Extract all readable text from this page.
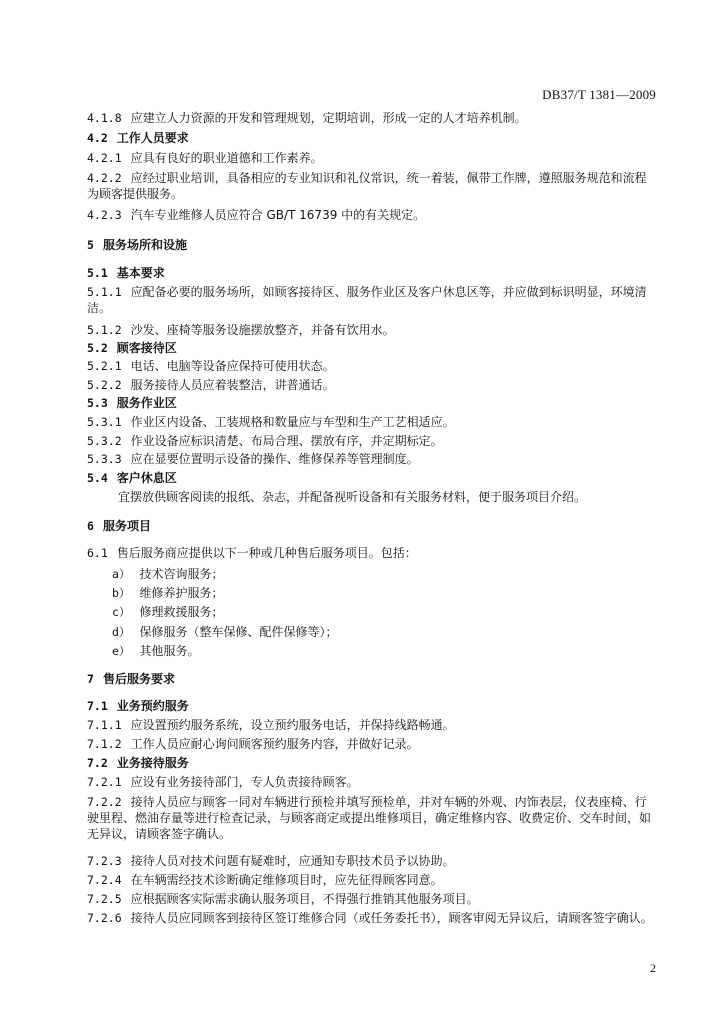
DB37/T 1381—2009
4.1.8 应建立人力资源的开发和管理规划，定期培训，形成一定的人才培养机制。
4.2 工作人员要求
4.2.1 应具有良好的职业道德和工作素养。
4.2.2 应经过职业培训，具备相应的专业知识和礼仪常识，统一着装，佩带工作牌，遵照服务规范和流程为顾客提供服务。
4.2.3 汽车专业维修人员应符合 GB/T 16739 中的有关规定。
5 服务场所和设施
5.1 基本要求
5.1.1 应配备必要的服务场所，如顾客接待区、服务作业区及客户休息区等，并应做到标识明显，环境清洁。
5.1.2 沙发、座椅等服务设施摆放整齐，并备有饮用水。
5.2 顾客接待区
5.2.1 电话、电脑等设备应保持可使用状态。
5.2.2 服务接待人员应着装整洁，讲普通话。
5.3 服务作业区
5.3.1 作业区内设备、工装规格和数量应与车型和生产工艺相适应。
5.3.2 作业设备应标识清楚、布局合理、摆放有序，并定期标定。
5.3.3 应在显要位置明示设备的操作、维修保养等管理制度。
5.4 客户休息区
宜摆放供顾客阅读的报纸、杂志，并配备视听设备和有关服务材料，便于服务项目介绍。
6 服务项目
6.1 售后服务商应提供以下一种或几种售后服务项目。包括：
a） 技术咨询服务；
b） 维修养护服务；
c） 修理救援服务；
d） 保修服务（整车保修、配件保修等）；
e） 其他服务。
7 售后服务要求
7.1 业务预约服务
7.1.1 应设置预约服务系统，设立预约服务电话，并保持线路畅通。
7.1.2 工作人员应耐心询问顾客预约服务内容，并做好记录。
7.2 业务接待服务
7.2.1 应设有业务接待部门，专人负责接待顾客。
7.2.2 接待人员应与顾客一同对车辆进行预检并填写预检单，并对车辆的外观、内饰表层，仪表座椅、行驶里程、燃油存量等进行检查记录，与顾客商定或提出维修项目，确定维修内容、收费定价、交车时间，如无异议，请顾客签字确认。
7.2.3 接待人员对技术问题有疑难时，应通知专职技术员予以协助。
7.2.4 在车辆需经技术诊断确定维修项目时，应先征得顾客同意。
7.2.5 应根据顾客实际需求确认服务项目，不得强行推销其他服务项目。
7.2.6 接待人员应同顾客到接待区签订维修合同（或任务委托书），顾客审阅无异议后，请顾客签字确认。
2
